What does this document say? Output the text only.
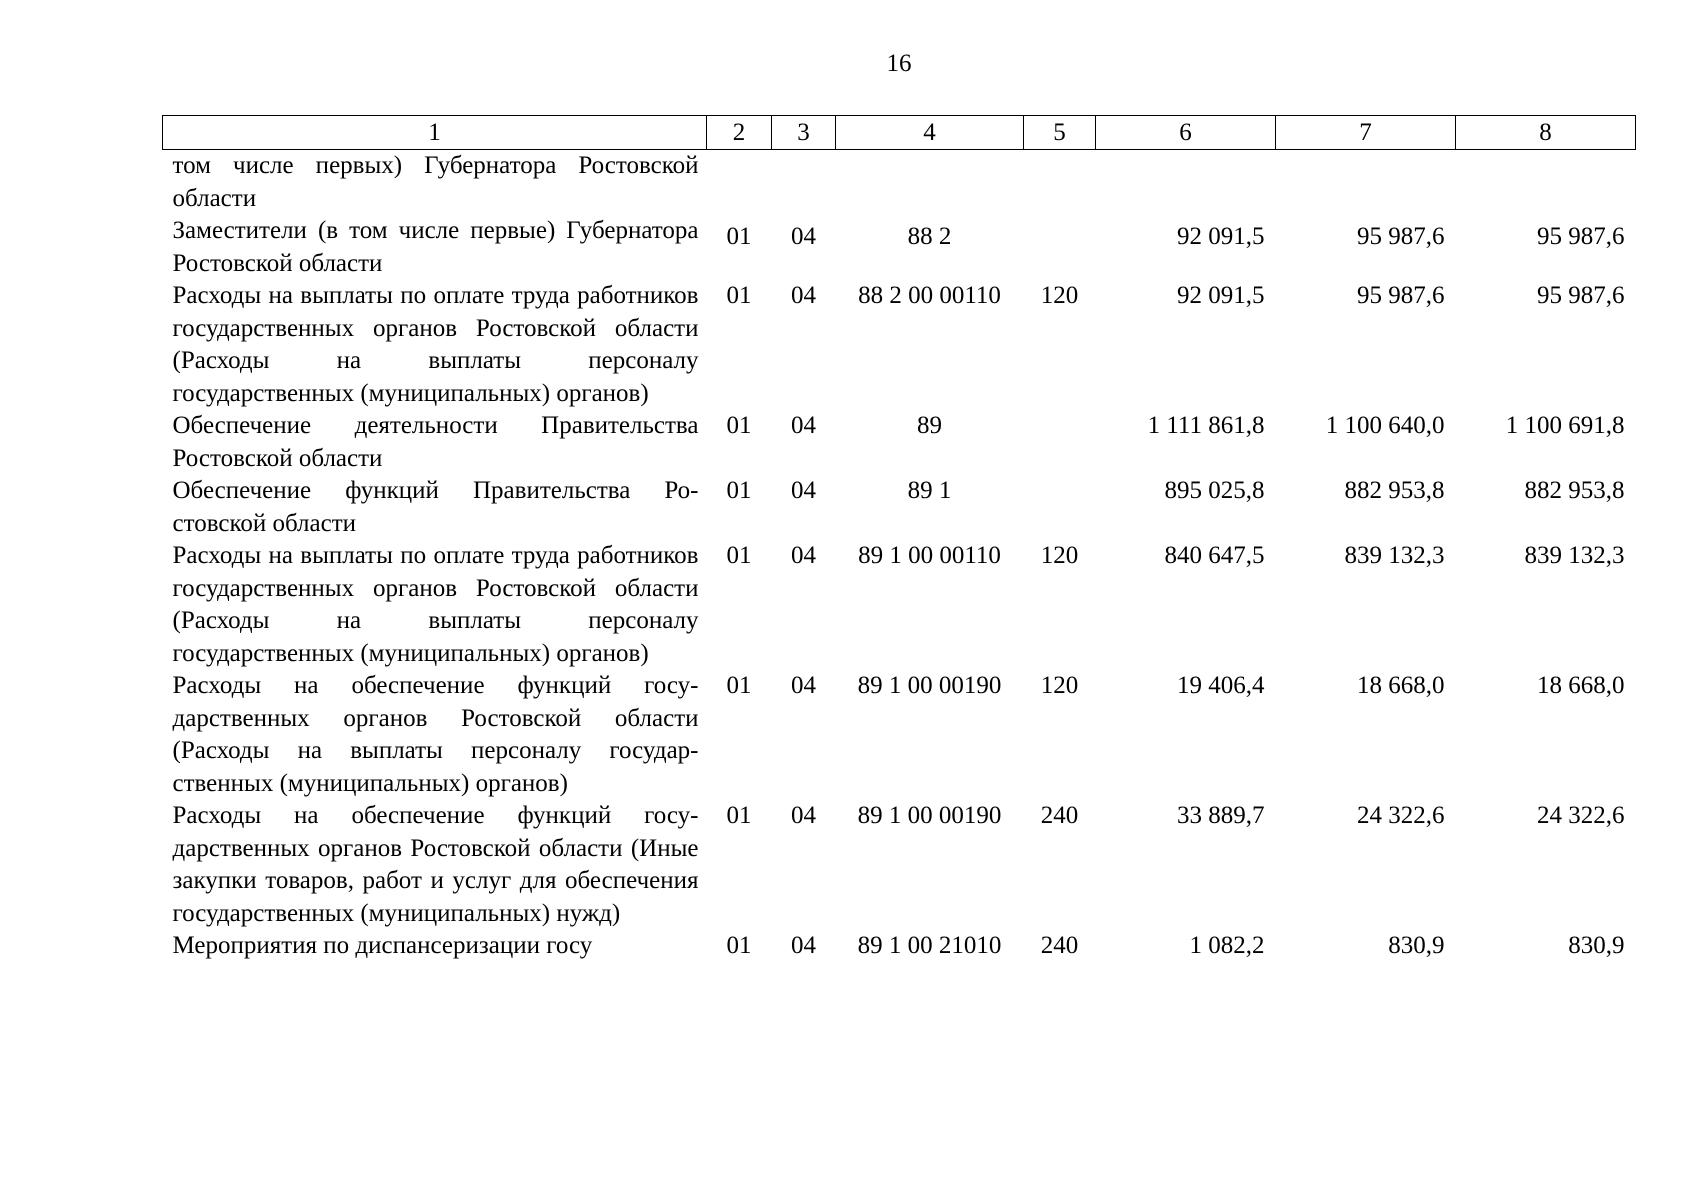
16
1	2	3	4	5	6	7	8
том числе первых) Губернатора Ростовской области							
Заместители (в том числе первые) Губернатора Ростовской области	01	04	88 2		92 091,5	95 987,6	95 987,6
Расходы на выплаты по оплате труда работников государственных органов Ростовской области (Расходы на выплаты персоналу государственных (муниципальных) органов)	01	04	88 2 00 00110	120	92 091,5	95 987,6	95 987,6
Обеспечение деятельности Правительства Ростовской области	01	04	89		1 111 861,8	1 100 640,0	1 100 691,8
Обеспечение функций Правительства Ростовской области	01	04	89 1		895 025,8	882 953,8	882 953,8
Расходы на выплаты по оплате труда работников государственных органов Ростовской области (Расходы на выплаты персоналу государственных (муниципальных) органов)	01	04	89 1 00 00110	120	840 647,5	839 132,3	839 132,3
Расходы на обеспечение функций государственных органов Ростовской области (Расходы на выплаты персоналу государственных (муниципальных) органов)	01	04	89 1 00 00190	120	19 406,4	18 668,0	18 668,0
Расходы на обеспечение функций государственных органов Ростовской области (Иные закупки товаров, работ и услуг для обеспечения государственных (муниципальных) нужд)	01	04	89 1 00 00190	240	33 889,7	24 322,6	24 322,6
Мероприятия по диспансеризации госу	01	04	89 1 00 21010	240	1 082,2	830,9	830,9
